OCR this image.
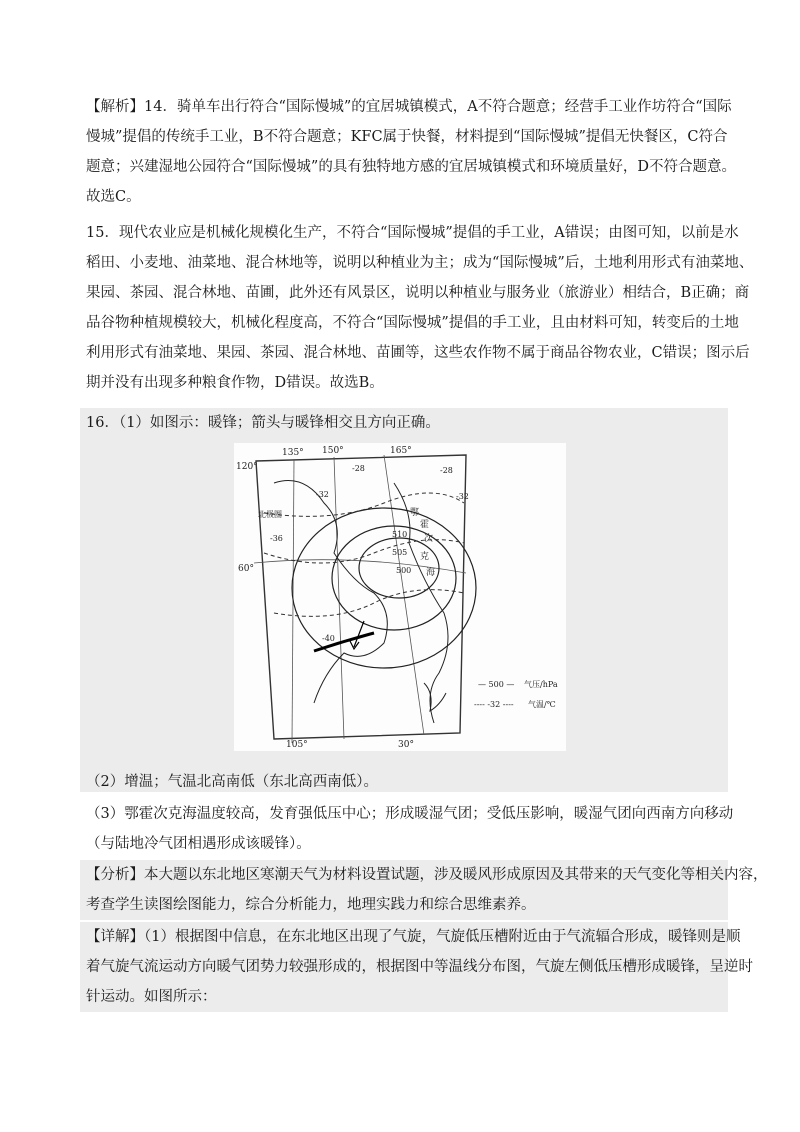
【解析】14．骑单车出行符合“国际慢城”的宜居城镇模式，A不符合题意；经营手工业作坊符合“国际
慢城”提倡的传统手工业，B不符合题意；KFC属于快餐，材料提到“国际慢城”提倡无快餐区，C符合
题意；兴建湿地公园符合“国际慢城”的具有独特地方感的宜居城镇模式和环境质量好，D不符合题意。
故选C。
15．现代农业应是机械化规模化生产，不符合“国际慢城”提倡的手工业，A错误；由图可知，以前是水
稻田、小麦地、油菜地、混合林地等，说明以种植业为主；成为“国际慢城”后，土地利用形式有油菜地、
果园、茶园、混合林地、苗圃，此外还有风景区，说明以种植业与服务业（旅游业）相结合，B正确；商
品谷物种植规模较大，机械化程度高，不符合“国际慢城”提倡的手工业，且由材料可知，转变后的土地
利用形式有油菜地、果园、茶园、混合林地、苗圃等，这些农作物不属于商品谷物农业，C错误；图示后
期并没有出现多种粮食作物，D错误。故选B。
16．（1）如图示：暖锋；箭头与暖锋相交且方向正确。
135° 150°	165°
120°
60°
105°	30°
-28	-28
-32	-32
-36
-40
510
505
500
鄂
霍
次
克
海
北极圈
— 500 — 气压/hPa
---- -32 ---- 气温/℃
（2）增温；气温北高南低（东北高西南低）。
（3）鄂霍次克海温度较高，发育强低压中心；形成暖湿气团；受低压影响，暖湿气团向西南方向移动
（与陆地冷气团相遇形成该暖锋）。
【分析】本大题以东北地区寒潮天气为材料设置试题，涉及暖风形成原因及其带来的天气变化等相关内容，
考查学生读图绘图能力，综合分析能力，地理实践力和综合思维素养。
【详解】（1）根据图中信息，在东北地区出现了气旋，气旋低压槽附近由于气流辐合形成，暖锋则是顺
着气旋气流运动方向暖气团势力较强形成的，根据图中等温线分布图，气旋左侧低压槽形成暖锋，呈逆时
针运动。如图所示：
